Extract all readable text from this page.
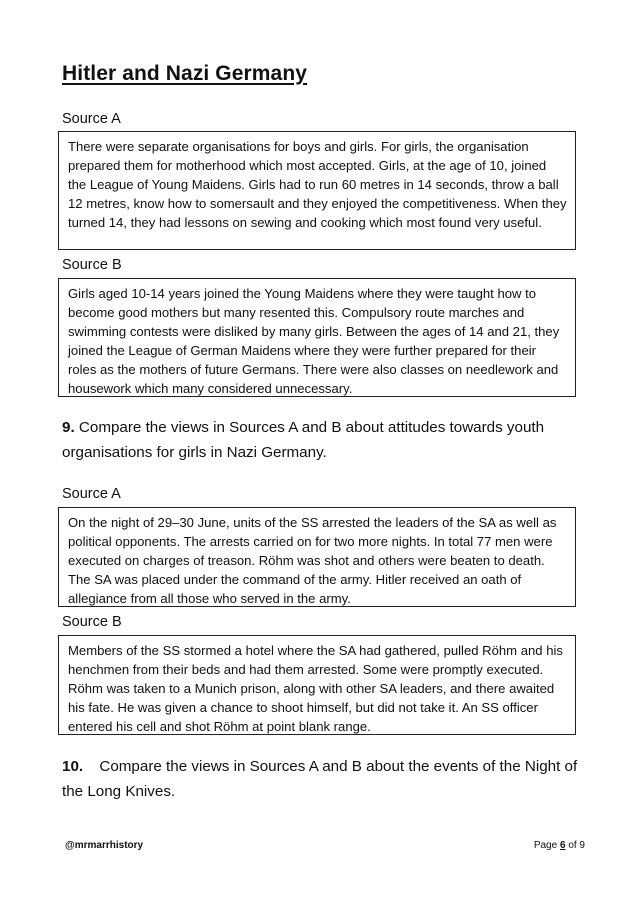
Hitler and Nazi Germany
Source A

There were separate organisations for boys and girls. For girls, the organisation prepared them for motherhood which most accepted. Girls, at the age of 10, joined the League of Young Maidens. Girls had to run 60 metres in 14 seconds, throw a ball 12 metres, know how to somersault and they enjoyed the competitiveness. When they turned 14, they had lessons on sewing and cooking which most found very useful.

Source B

Girls aged 10-14 years joined the Young Maidens where they were taught how to become good mothers but many resented this. Compulsory route marches and swimming contests were disliked by many girls. Between the ages of 14 and 21, they joined the League of German Maidens where they were further prepared for their roles as the mothers of future Germans. There were also classes on needlework and housework which many considered unnecessary.

9. Compare the views in Sources A and B about attitudes towards youth organisations for girls in Nazi Germany.
Source A

On the night of 29–30 June, units of the SS arrested the leaders of the SA as well as political opponents. The arrests carried on for two more nights. In total 77 men were executed on charges of treason. Röhm was shot and others were beaten to death. The SA was placed under the command of the army. Hitler received an oath of allegiance from all those who served in the army.

Source B

Members of the SS stormed a hotel where the SA had gathered, pulled Röhm and his henchmen from their beds and had them arrested. Some were promptly executed. Röhm was taken to a Munich prison, along with other SA leaders, and there awaited his fate. He was given a chance to shoot himself, but did not take it. An SS officer entered his cell and shot Röhm at point blank range.

10. Compare the views in Sources A and B about the events of the Night of the Long Knives.
@mrmarrhistory	Page 6 of 9
